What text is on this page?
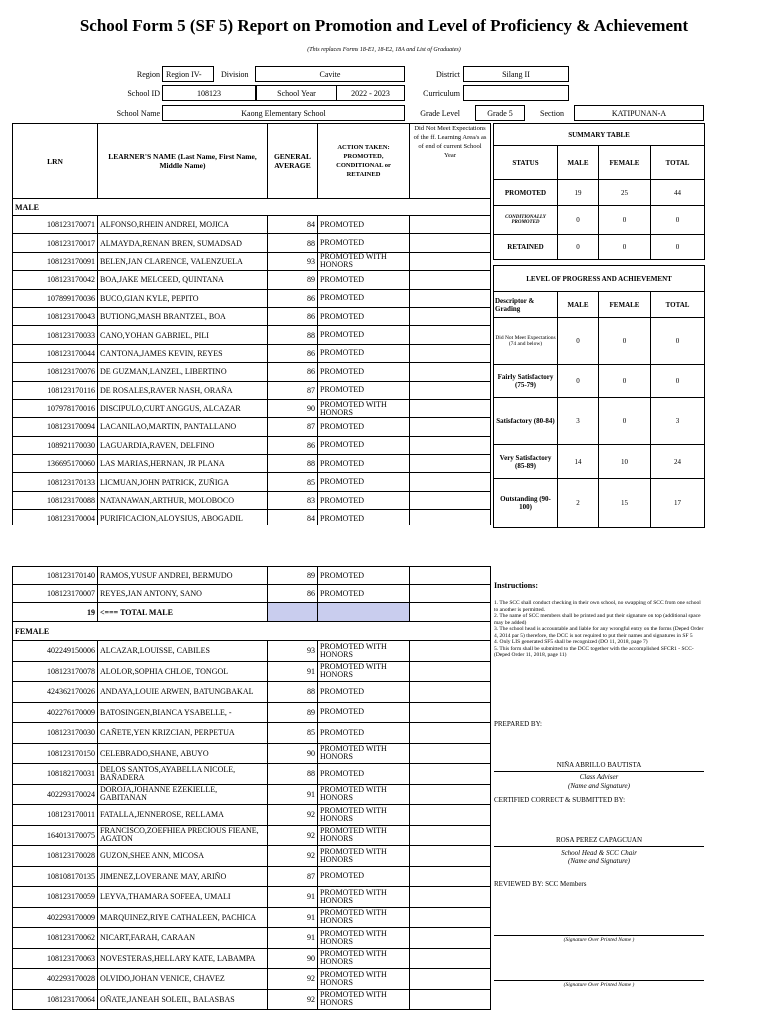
School Form 5 (SF 5) Report on Promotion and Level of Proficiency & Achievement
(This replaces Forms 18-E1, 18-E2, 18A and List of Graduates)
Region Region IV-	Division	Cavite	District	Silang II
School ID	108123	School Year	2022 - 2023	Curriculum
School Name	Kaong Elementary School	Grade Level	Grade 5	Section	KATIPUNAN-A
LRN	LEARNER'S NAME (Last Name, First Name, Middle Name)	GENERAL AVERAGE	ACTION TAKEN: PROMOTED, CONDITIONAL or RETAINED	Did Not Meet Expectations of the ff. Learning Area/s as of end of current School Year
MALE				
108123170071	ALFONSO,RHEIN ANDREI, MOJICA	84	PROMOTED	
108123170017	ALMAYDA,RENAN BREN, SUMADSAD	88	PROMOTED	
108123170091	BELEN,JAN CLARENCE, VALENZUELA	93	PROMOTED WITH HONORS	
108123170042	BOA,JAKE MELCEED, QUINTANA	89	PROMOTED	
107899170036	BUCO,GIAN KYLE, PEPITO	86	PROMOTED	
108123170043	BUTIONG,MASH BRANTZEL, BOA	86	PROMOTED	
108123170033	CANO,YOHAN GABRIEL, PILI	88	PROMOTED	
108123170044	CANTONA,JAMES KEVIN, REYES	86	PROMOTED	
108123170076	DE GUZMAN,LANZEL, LIBERTINO	86	PROMOTED	
108123170116	DE ROSALES,RAVER NASH, ORAÑA	87	PROMOTED	
107978170016	DISCIPULO,CURT ANGGUS, ALCAZAR	90	PROMOTED WITH HONORS	
108123170094	LACANILAO,MARTIN, PANTALLANO	87	PROMOTED	
108921170030	LAGUARDIA,RAVEN, DELFINO	86	PROMOTED	
136695170060	LAS MARIAS,HERNAN, JR PLANA	88	PROMOTED	
108123170133	LICMUAN,JOHN PATRICK, ZUÑIGA	85	PROMOTED	
108123170088	NATANAWAN,ARTHUR, MOLOBOCO	83	PROMOTED	
108123170004	PURIFICACION,ALOYSIUS, ABOGADIL	84	PROMOTED	
108123170140	RAMOS,YUSUF ANDREI, BERMUDO	89	PROMOTED	
108123170007	REYES,JAN ANTONY, SANO	86	PROMOTED	
19	<=== TOTAL MALE			
FEMALE				
402249150006	ALCAZAR,LOUISSE, CABILES	93	PROMOTED WITH HONORS	
108123170078	ALOLOR,SOPHIA CHLOE, TONGOL	91	PROMOTED WITH HONORS	
424362170026	ANDAYA,LOUIE ARWEN, BATUNGBAKAL	88	PROMOTED	
402276170009	BATOSINGEN,BIANCA YSABELLE, -	89	PROMOTED	
108123170030	CAÑETE,YEN KRIZCIAN, PERPETUA	85	PROMOTED	
108123170150	CELEBRADO,SHANE, ABUYO	90	PROMOTED WITH HONORS	
108182170031	DELOS SANTOS,AYABELLA NICOLE, BAÑADERA	88	PROMOTED	
402293170024	DOROJA,JOHANNE EZEKIELLE, GABITANAN	91	PROMOTED WITH HONORS	
108123170011	FATALLA,JENNEROSE, RELLAMA	92	PROMOTED WITH HONORS	
164013170075	FRANCISCO,ZOEFHIEA PRECIOUS FIEANE, AGATON	92	PROMOTED WITH HONORS	
108123170028	GUZON,SHEE ANN, MICOSA	92	PROMOTED WITH HONORS	
108108170135	JIMENEZ,LOVERANE MAY, ARIÑO	87	PROMOTED	
108123170059	LEYVA,THAMARA SOFEEA, UMALI	91	PROMOTED WITH HONORS	
402293170009	MARQUINEZ,RIYE CATHALEEN, PACHICA	91	PROMOTED WITH HONORS	
108123170062	NICART,FARAH, CARAAN	91	PROMOTED WITH HONORS	
108123170063	NOVESTERAS,HELLARY KATE, LABAMPA	90	PROMOTED WITH HONORS	
402293170028	OLVIDO,JOHAN VENICE, CHAVEZ	92	PROMOTED WITH HONORS	
108123170064	OÑATE,JANEAH SOLEIL, BALASBAS	92	PROMOTED WITH HONORS	
SUMMARY TABLE			
STATUS	MALE	FEMALE	TOTAL
PROMOTED	19	25	44
CONDITIONALLY PROMOTED	0	0	0
RETAINED	0	0	0
LEVEL OF PROGRESS AND ACHIEVEMENT			
Descriptor & Grading	MALE	FEMALE	TOTAL
Did Not Meet Expectations (74 and below)	0	0	0
Fairly Satisfactory (75-79)	0	0	0
Satisfactory (80-84)	3	0	3
Very Satisfactory (85-89)	14	10	24
Outstanding (90-100)	2	15	17
Instructions:
1. The SCC shall conduct checking in their own school, no swapping of SCC from one school to another is permitted.
2. The name of SCC members shall be printed and put their signature on top (additional space may be added)
3. The school head is accountable and liable for any wrongful entry on the forms (Deped Order 4, 2014 par 5) therefore, the DCC is not required to put their names and signatures in SF 5
4. Only LIS generated SF5 shall be recognized (DO 11, 2018, page 7)
5. This form shall be submitted to the DCC together with the accomplished SFCR1 - SCC- (Deped Order 11, 2018, page 11)
PREPARED BY:
NIÑA ABRILLO BAUTISTA
Class Adviser
(Name and Signature)
CERTIFIED CORRECT & SUBMITTED BY:
ROSA PEREZ CAPAGCUAN
School Head & SCC Chair
(Name and Signature)
REVIEWED BY: SCC Members
(Signature Over Printed Name )
(Signature Over Printed Name )
